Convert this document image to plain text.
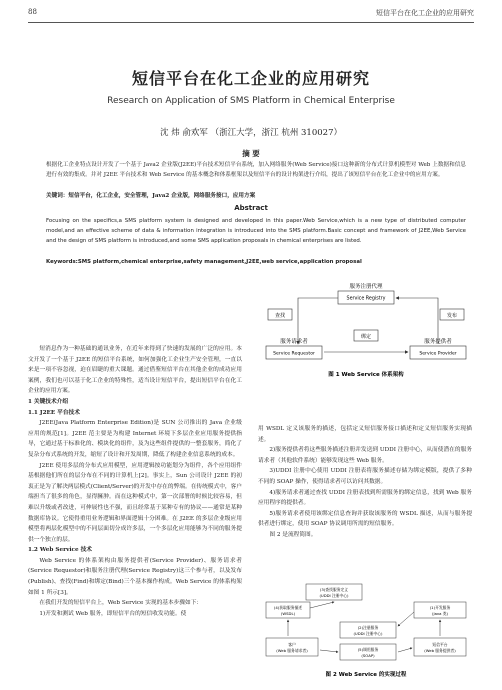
88	短信平台在化工企业的应用研究
短信平台在化工企业的应用研究
Research on Application of SMS Platform in Chemical Enterprise
沈 炜 俞欢军 （浙江大学，浙江 杭州 310027）
摘 要
根据化工企业特点设计开发了一个基于 Java2 企业版(J2EE)平台技术短信平台系统，加入网络服务(Web Service)接口这种新的分布式计算机模型对 Web 上数据和信息进行有效的集成。并对 J2EE 平台技术和 Web Service 的基本概念和体系框架以及短信平台的设计构架进行介绍，提出了该短信平台在化工企业中的应用方案。
关键词：短信平台，化工企业，安全管理，Java2 企业版，网络服务接口，应用方案
Abstract
Focusing on the specifics,a SMS platform system is designed and developed in this paper.Web Service,which is a new type of distributed computer model,and an effective scheme of data & information integration is introduced into the SMS platform.Basic concept and framework of J2EE,Web Service and the design of SMS platform is introduced,and some SMS application proposals in chemical enterprises are listed.
Keywords:SMS platform,chemical enterprise,safety management,J2EE,web service,application proposal

短消息作为一种基础的通讯业务，在近年来得到了快速的发展的广泛的应用。本文开发了一个基于 J2EE 的短信平台系统，如何加强化工企业生产安全管理，一直以来是一项不容忽视，迫在眉睫的重大课题。通过借鉴短信平台在其他企业的成功应用案例，我们也可以基于化工企业的特殊性，适当设计短信平台，提出短信平台在化工企业的应用方案。

1 关键技术介绍

1.1 J2EE 平台技术

J2EE(Java Platform Enterprise Edition)是 SUN 公司推出的 Java 企业级应用的规范[1]。J2EE 范主要是为构建 Internet 环境下多层企业应用服务提供指导，它通过基于标准化的、模块化的组件，及为这些组件提供的一整套服务，简化了复杂分布式系统的开发，缩短了设计和开发周期，降低了构建企业信息系统的成本。

J2EE 使用多层的分布式应用模型，应用逻辑按功能划分为组件，各个应用组件基根据他们所在的层分布在不同的计算机上[2]。事实上，Sun 公司设计 J2EE 的初衷正是为了解决两层模式(Client/Server)的开发中存在的弊端。在传统模式中，客户端担当了很多的角色，显得臃肿。而在这种模式中，第一次部署的时候比较容易，但难以升级或者改进，可伸展性也不强，而且经常基于某种专有的协议——通常是某种数据库协议。它使得重用业务逻辑和界面逻辑十分困难。在 J2EE 的多层企业级应用模型将两层化模型中的不同层面切分成许多层，一个多层化应用能够为不同的服务提供一个独立的层。

1.2 Web Service 技术

Web Service 的体系架构由服务提供者(Service Provider)、服务请求者(Service Requestor)和服务注册代理(Service Registry)这三个参与者，以及发布(Publish)、查找(Find)和绑定(Bind)三个基本操作构成。Web Service 的体系构架如图 1 所示[3]。

在我们开发的短信平台上，Web Service 实现的基本步骤如下：

1)开发和测试 Web 服务，即短信平台的短信收发功能。使

服务注册代理
Service Registry
查找	发布
绑定
服务请求者
Service Requestor
服务提供者
Service Provider
图 1 Web Service 体系架构

用 WSDL 定义该服务的描述，包括定义短信服务接口描述和定义短信服务实现描述。

2)服务提供者将这些服务描述注册并发送到 UDDI 注册中心，从而使潜在的服务请求者（其他软件系统）能够发现这些 Web 服务。

3)UDDI 注册中心使用 UDDI 注册表将服务描述存储为绑定模版，提供了多种不同的 SOAP 操作，使得请求者可以访问其数据。

4)服务请求者通过查找 UDDI 注册表找到所需服务的绑定信息，找到 Web 服务应用程序的提供者。

5)服务请求者使用该绑定信息查询并获取该服务的 WSDL 描述，从而与服务提供者进行绑定，使用 SOAP 协议调用所需的短信服务。

图 2 是流程简图。

(3)查找服务定义
(UDDI 注册中心)
(4)获取服务描述
(WSDL)
(1)开发服务
(Java 类)
(2)注册服务
(UDDI 注册中心)
(5)调用服务
(SOAP)
客户
(Web 服务请求者)
短信平台
(Web 服务提供者)
图 2 Web Service 的实现过程
